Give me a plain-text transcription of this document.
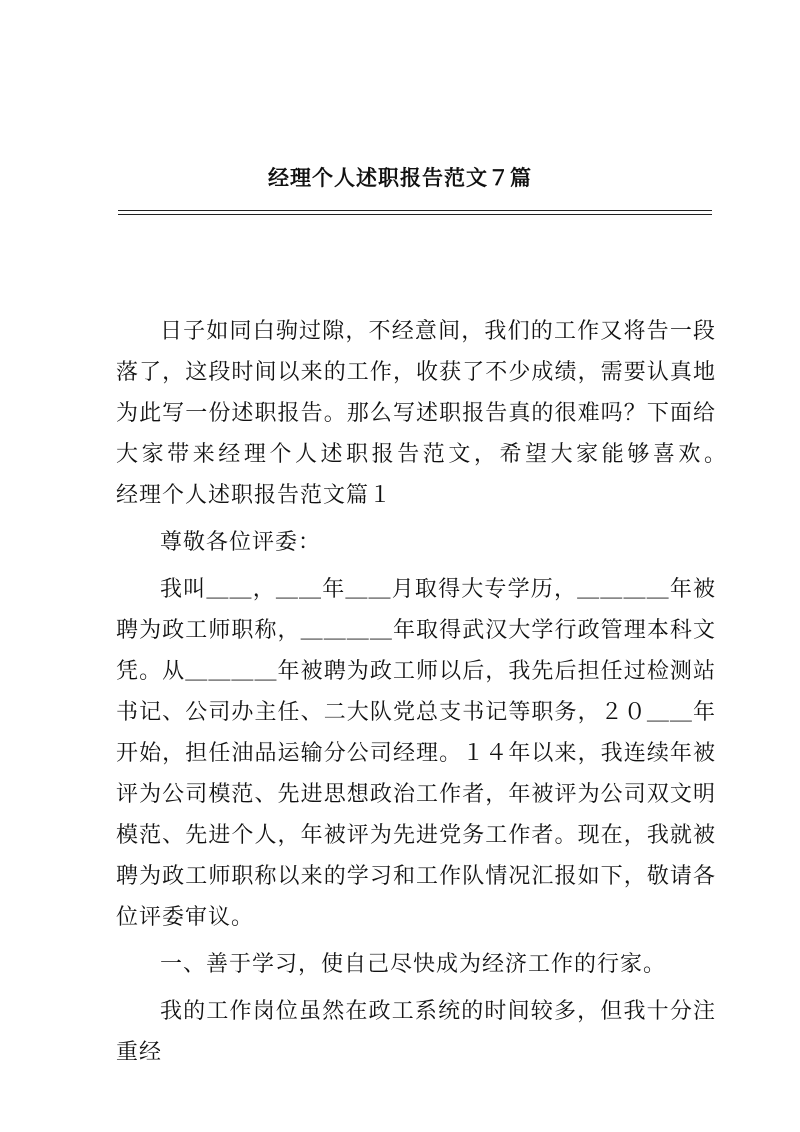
经理个人述职报告范文７篇

日子如同白驹过隙，不经意间，我们的工作又将告一段落了，这段时间以来的工作，收获了不少成绩，需要认真地为此写一份述职报告。那么写述职报告真的很难吗？下面给大家带来经理个人述职报告范文，希望大家能够喜欢。　　经理个人述职报告范文篇１

尊敬各位评委：

我叫＿＿，＿＿年＿＿月取得大专学历，＿＿＿＿年被聘为政工师职称，＿＿＿＿年取得武汉大学行政管理本科文凭。从＿＿＿＿年被聘为政工师以后，我先后担任过检测站书记、公司办主任、二大队党总支书记等职务，２０＿＿年开始，担任油品运输分公司经理。１４年以来，我连续年被评为公司模范、先进思想政治工作者，年被评为公司双文明模范、先进个人，年被评为先进党务工作者。现在，我就被聘为政工师职称以来的学习和工作队情况汇报如下，敬请各位评委审议。

一、善于学习，使自己尽快成为经济工作的行家。

我的工作岗位虽然在政工系统的时间较多，但我十分注重经
